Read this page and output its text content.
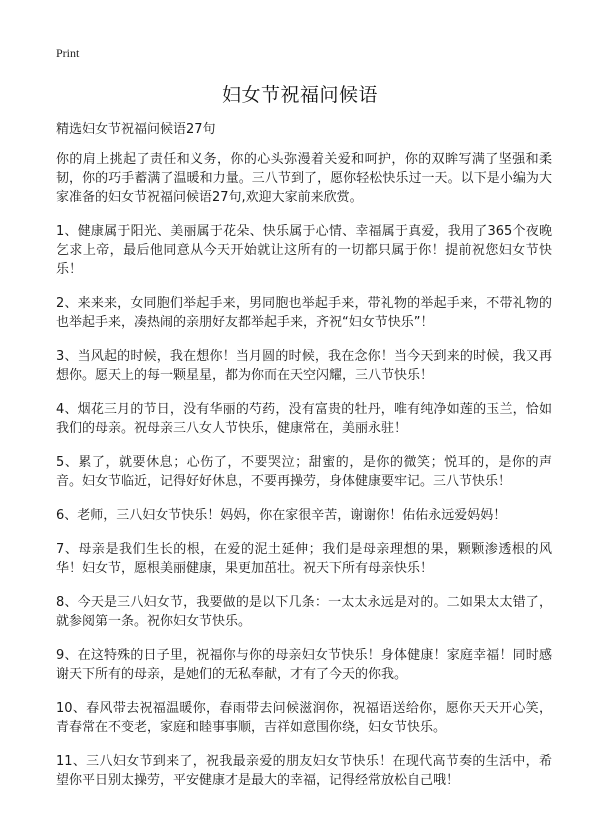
Print
妇女节祝福问候语

精选妇女节祝福问候语27句

你的肩上挑起了责任和义务，你的心头弥漫着关爱和呵护，你的双眸写满了坚强和柔韧，你的巧手蓄满了温暖和力量。三八节到了，愿你轻松快乐过一天。以下是小编为大家准备的妇女节祝福问候语27句,欢迎大家前来欣赏。

1、健康属于阳光、美丽属于花朵、快乐属于心情、幸福属于真爱，我用了365个夜晚乞求上帝，最后他同意从今天开始就让这所有的一切都只属于你！提前祝您妇女节快乐！

2、来来来，女同胞们举起手来，男同胞也举起手来，带礼物的举起手来，不带礼物的也举起手来，凑热闹的亲朋好友都举起手来，齐祝“妇女节快乐”！

3、当风起的时候，我在想你！当月圆的时候，我在念你！当今天到来的时候，我又再想你。愿天上的每一颗星星，都为你而在天空闪耀，三八节快乐！

4、烟花三月的节日，没有华丽的芍药，没有富贵的牡丹，唯有纯净如莲的玉兰，恰如我们的母亲。祝母亲三八女人节快乐，健康常在，美丽永驻！

5、累了，就要休息；心伤了，不要哭泣；甜蜜的，是你的微笑；悦耳的，是你的声音。妇女节临近，记得好好休息，不要再操劳，身体健康要牢记。三八节快乐！

6、老师，三八妇女节快乐！妈妈，你在家很辛苦，谢谢你！佑佑永远爱妈妈！

7、母亲是我们生长的根，在爱的泥土延伸；我们是母亲理想的果，颗颗渗透根的风华！妇女节，愿根美丽健康，果更加茁壮。祝天下所有母亲快乐！

8、今天是三八妇女节，我要做的是以下几条：一太太永远是对的。二如果太太错了，就参阅第一条。祝你妇女节快乐。

9、在这特殊的日子里，祝福你与你的母亲妇女节快乐！身体健康！家庭幸福！同时感谢天下所有的母亲，是她们的无私奉献，才有了今天的你我。

10、春风带去祝福温暖你，春雨带去问候滋润你，祝福语送给你，愿你天天开心笑，青春常在不变老，家庭和睦事事顺，吉祥如意围你绕，妇女节快乐。

11、三八妇女节到来了，祝我最亲爱的朋友妇女节快乐！在现代高节奏的生活中，希望你平日别太操劳，平安健康才是最大的幸福，记得经常放松自己哦！
